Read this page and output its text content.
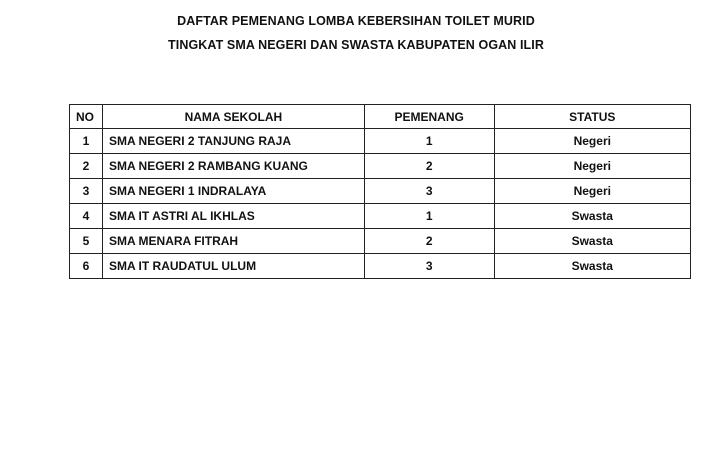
DAFTAR PEMENANG LOMBA KEBERSIHAN TOILET MURID
TINGKAT SMA NEGERI DAN SWASTA KABUPATEN OGAN ILIR
NO	NAMA SEKOLAH	PEMENANG	STATUS
1	SMA NEGERI 2 TANJUNG RAJA	1	Negeri
2	SMA NEGERI 2 RAMBANG KUANG	2	Negeri
3	SMA NEGERI 1 INDRALAYA	3	Negeri
4	SMA IT ASTRI AL IKHLAS	1	Swasta
5	SMA MENARA FITRAH	2	Swasta
6	SMA IT RAUDATUL ULUM	3	Swasta
